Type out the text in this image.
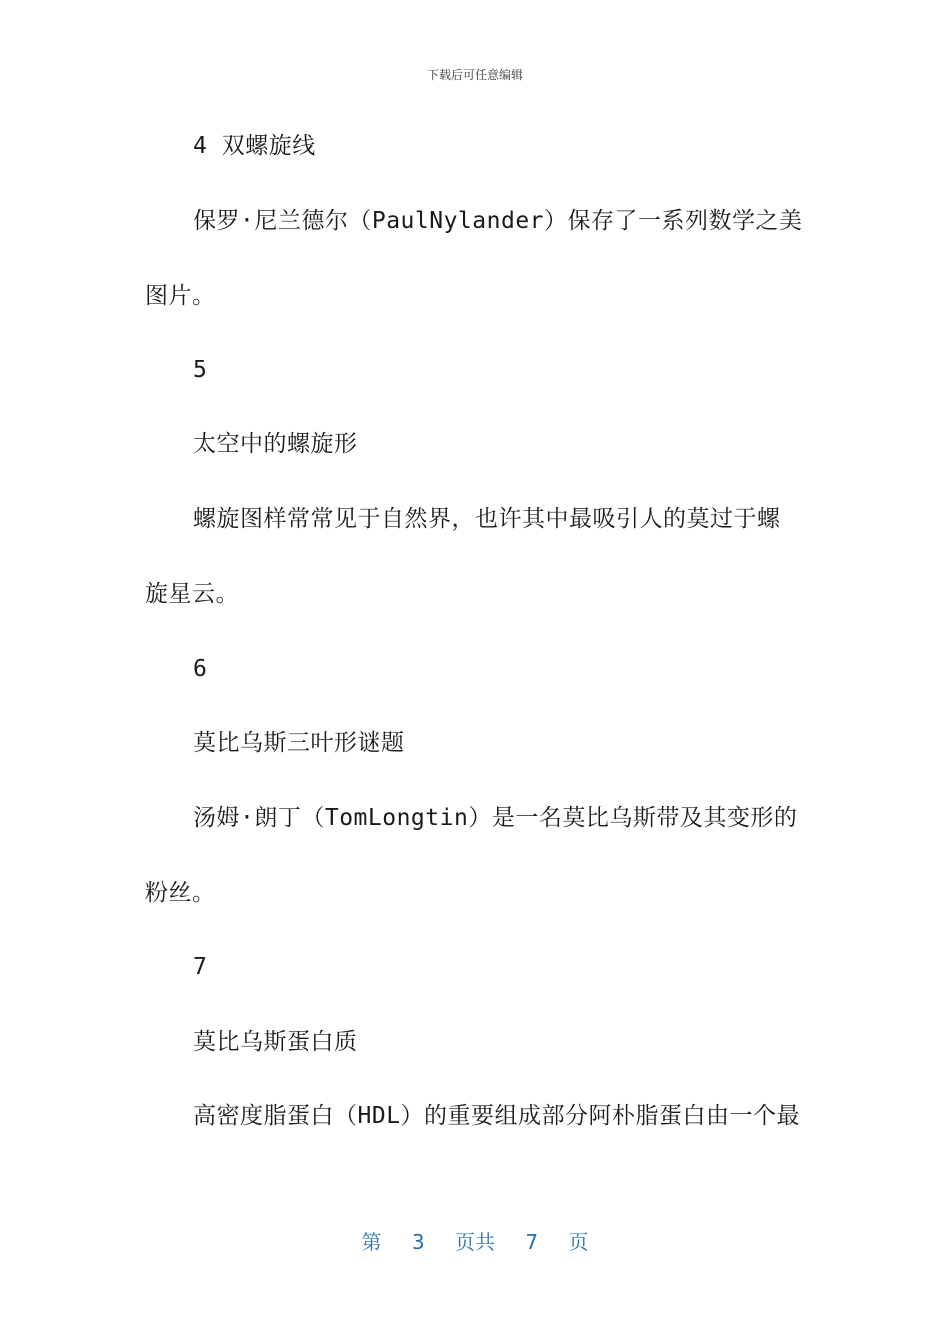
下载后可任意编辑
4 双螺旋线
保罗·尼兰德尔（PaulNylander）保存了一系列数学之美
图片。
5
太空中的螺旋形
螺旋图样常常见于自然界，也许其中最吸引人的莫过于螺
旋星云。
6
莫比乌斯三叶形谜题
汤姆·朗丁（TomLongtin）是一名莫比乌斯带及其变形的
粉丝。
7
莫比乌斯蛋白质
高密度脂蛋白（HDL）的重要组成部分阿朴脂蛋白由一个最
第 3 页共 7 页
